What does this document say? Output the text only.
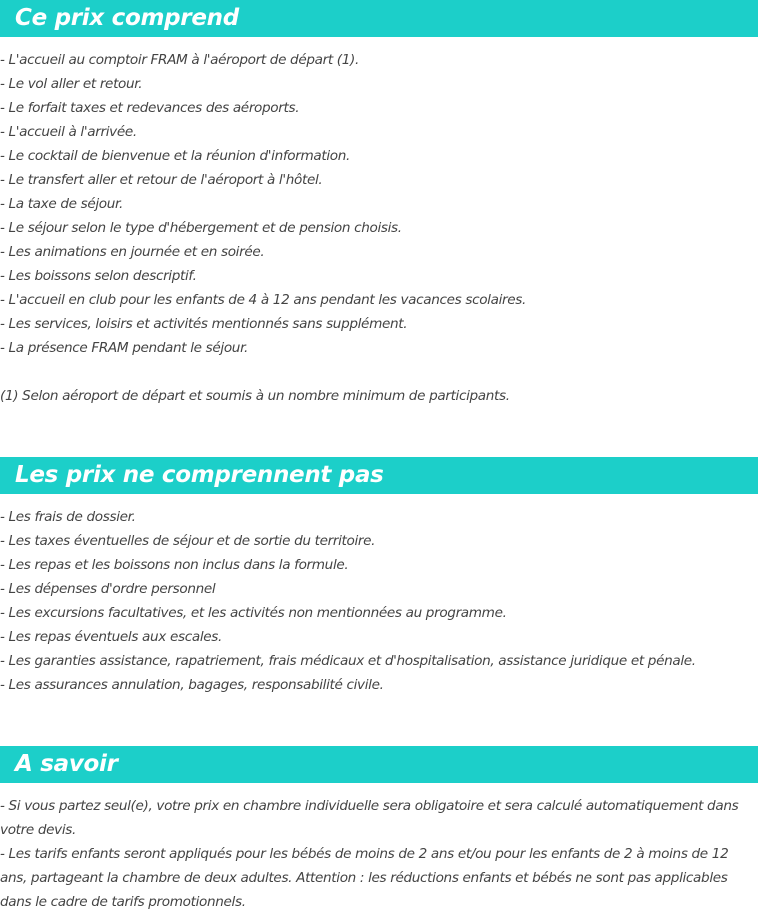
Ce prix comprend
- L'accueil au comptoir FRAM à l'aéroport de départ (1).
- Le vol aller et retour.
- Le forfait taxes et redevances des aéroports.
- L'accueil à l'arrivée.
- Le cocktail de bienvenue et la réunion d'information.
- Le transfert aller et retour de l'aéroport à l'hôtel.
- La taxe de séjour.
- Le séjour selon le type d'hébergement et de pension choisis.
- Les animations en journée et en soirée.
- Les boissons selon descriptif.
- L'accueil en club pour les enfants de 4 à 12 ans pendant les vacances scolaires.
- Les services, loisirs et activités mentionnés sans supplément.
- La présence FRAM pendant le séjour.

(1) Selon aéroport de départ et soumis à un nombre minimum de participants.

Les prix ne comprennent pas
- Les frais de dossier.
- Les taxes éventuelles de séjour et de sortie du territoire.
- Les repas et les boissons non inclus dans la formule.
- Les dépenses d'ordre personnel
- Les excursions facultatives, et les activités non mentionnées au programme.
- Les repas éventuels aux escales.
- Les garanties assistance, rapatriement, frais médicaux et d'hospitalisation, assistance juridique et pénale.
- Les assurances annulation, bagages, responsabilité civile.
A savoir

- Si vous partez seul(e), votre prix en chambre individuelle sera obligatoire et sera calculé automatiquement dans votre devis.

- Les tarifs enfants seront appliqués pour les bébés de moins de 2 ans et/ou pour les enfants de 2 à moins de 12 ans, partageant la chambre de deux adultes. Attention : les réductions enfants et bébés ne sont pas applicables dans le cadre de tarifs promotionnels.
